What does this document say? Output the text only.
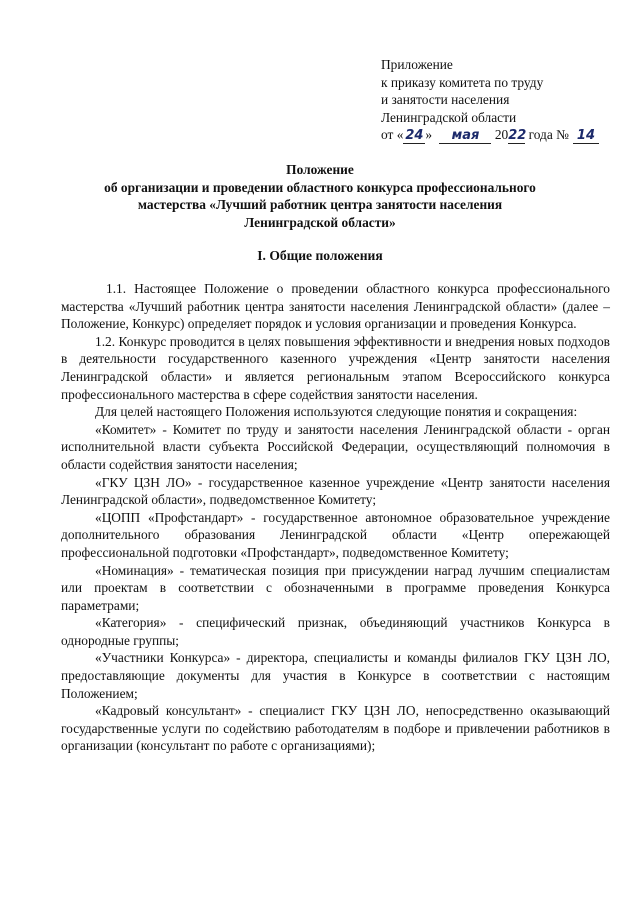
Приложение
к приказу комитета по труду
и занятости населения
Ленинградской области
от « 24 » мая 2022 года № 14
Положение
об организации и проведении областного конкурса профессионального
мастерства «Лучший работник центра занятости населения
Ленинградской области»
I. Общие положения

1.1. Настоящее Положение о проведении областного конкурса профессионального мастерства «Лучший работник центра занятости населения Ленинградской области» (далее – Положение, Конкурс) определяет порядок и условия организации и проведения Конкурса.

1.2. Конкурс проводится в целях повышения эффективности и внедрения новых подходов в деятельности государственного казенного учреждения «Центр занятости населения Ленинградской области» и является региональным этапом Всероссийского конкурса профессионального мастерства в сфере содействия занятости населения.

Для целей настоящего Положения используются следующие понятия и сокращения:

«Комитет» - Комитет по труду и занятости населения Ленинградской области - орган исполнительной власти субъекта Российской Федерации, осуществляющий полномочия в области содействия занятости населения;

«ГКУ ЦЗН ЛО» - государственное казенное учреждение «Центр занятости населения Ленинградской области», подведомственное Комитету;

«ЦОПП «Профстандарт» - государственное автономное образовательное учреждение дополнительного образования Ленинградской области «Центр опережающей профессиональной подготовки «Профстандарт», подведомственное Комитету;

«Номинация» - тематическая позиция при присуждении наград лучшим специалистам или проектам в соответствии с обозначенными в программе проведения Конкурса параметрами;

«Категория» - специфический признак, объединяющий участников Конкурса в однородные группы;

«Участники Конкурса» - директора, специалисты и команды филиалов ГКУ ЦЗН ЛО, предоставляющие документы для участия в Конкурсе в соответствии с настоящим Положением;

«Кадровый консультант» - специалист ГКУ ЦЗН ЛО, непосредственно оказывающий государственные услуги по содействию работодателям в подборе и привлечении работников в организации (консультант по работе с организациями);
